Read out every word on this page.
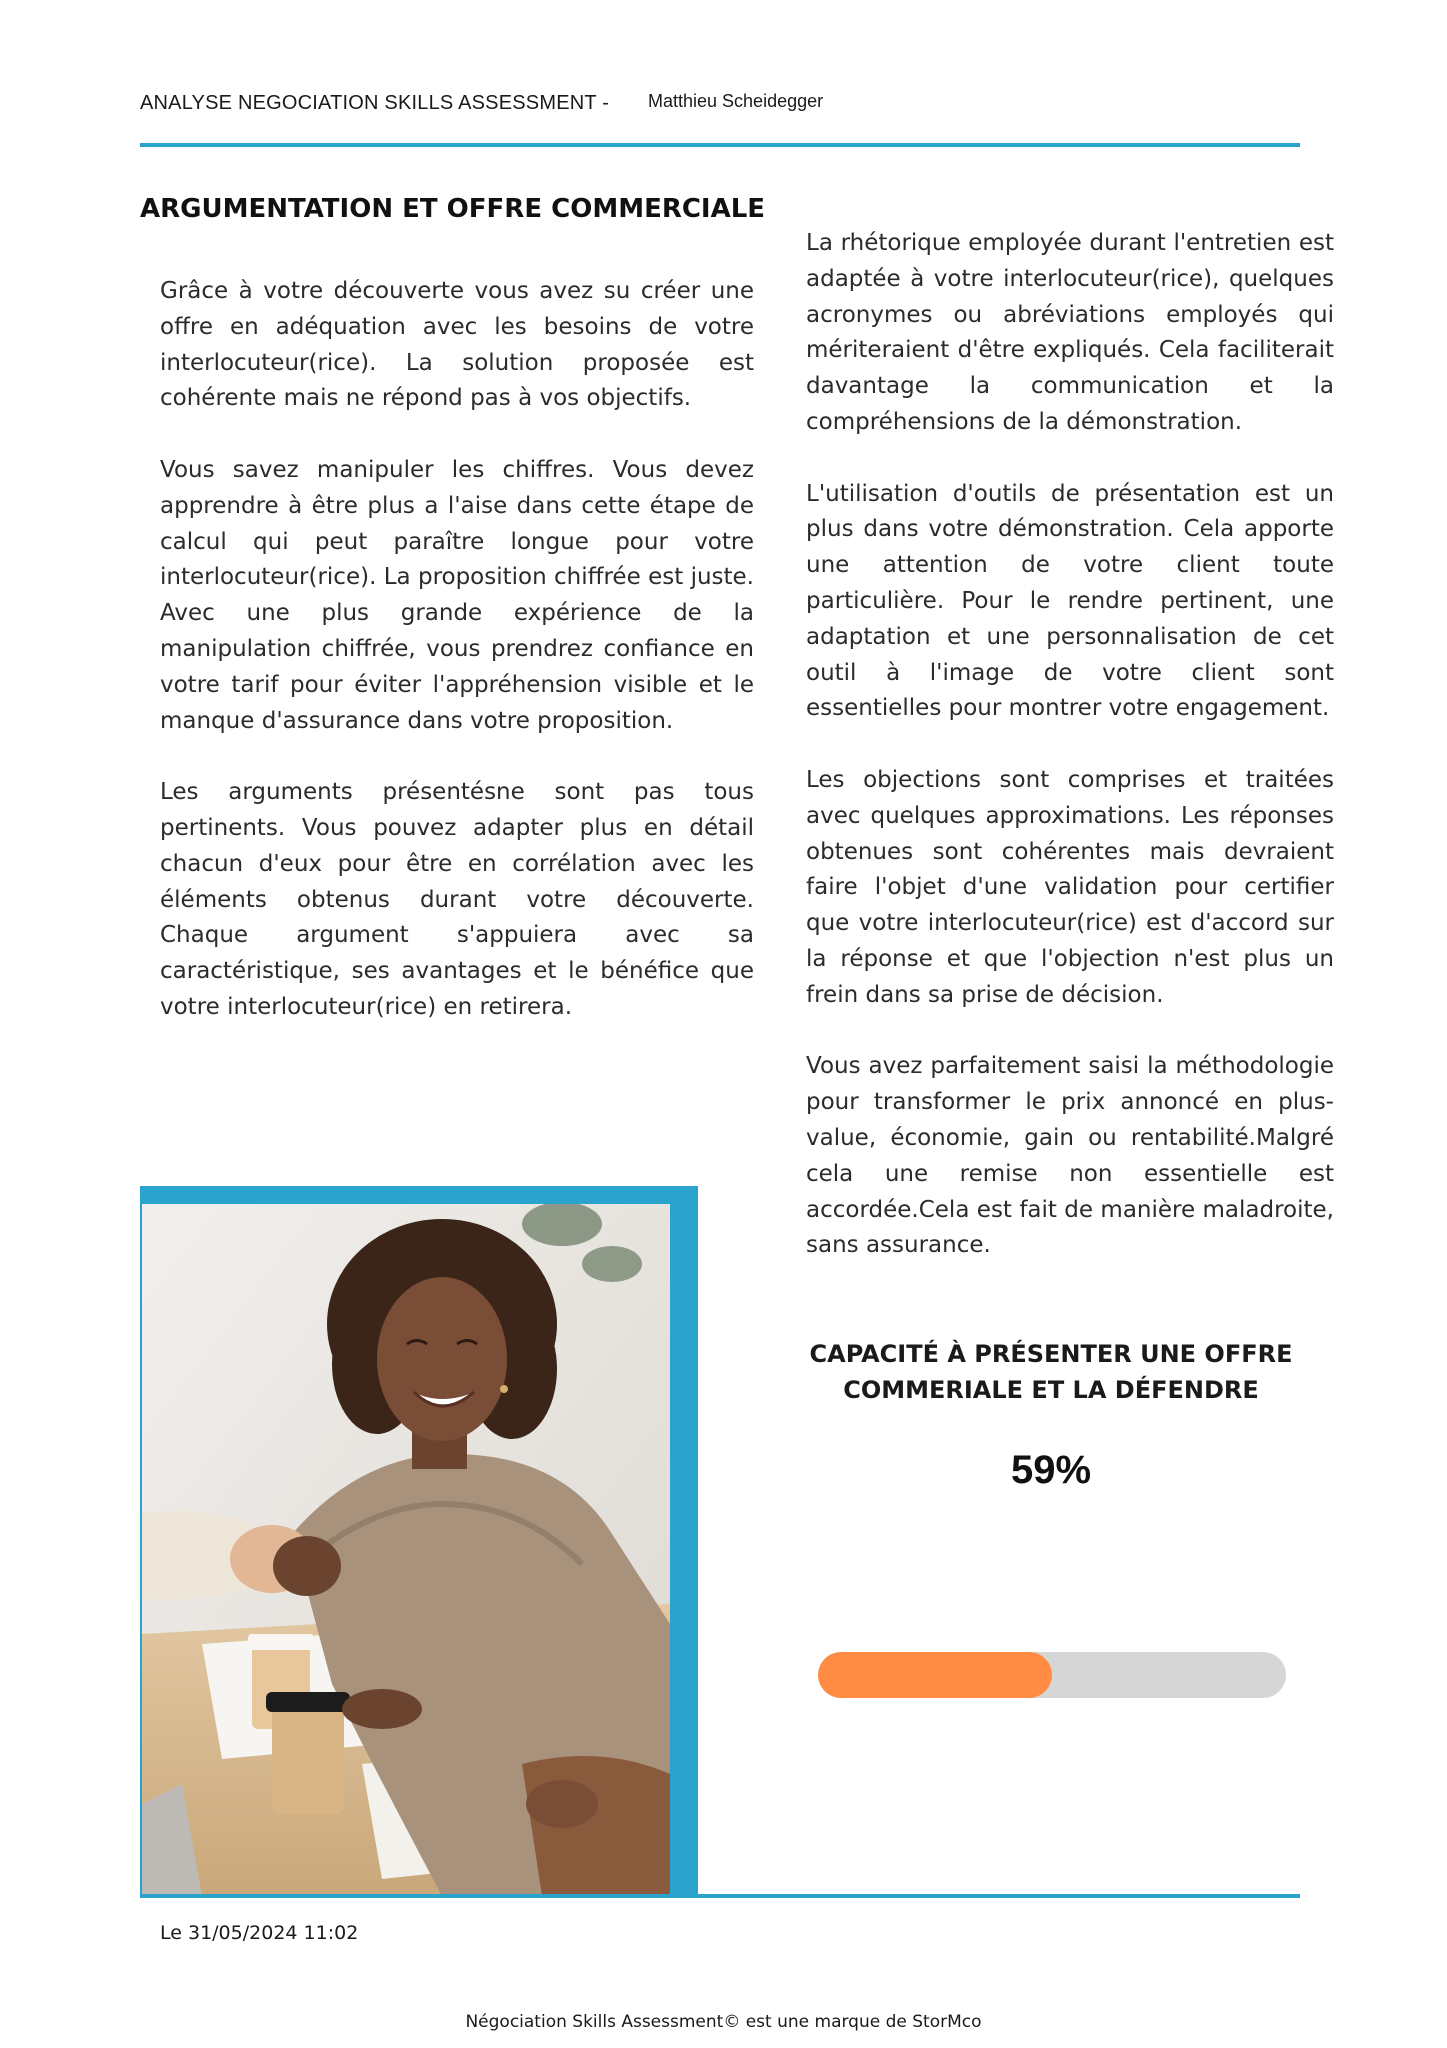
ANALYSE NEGOCIATION SKILLS ASSESSMENT - Matthieu Scheidegger
ARGUMENTATION ET OFFRE COMMERCIALE

Grâce à votre découverte vous avez su créer une offre en adéquation avec les besoins de votre interlocuteur(rice). La solution proposée est cohérente mais ne répond pas à vos objectifs.

Vous savez manipuler les chiffres. Vous devez apprendre à être plus a l'aise dans cette étape de calcul qui peut paraître longue pour votre interlocuteur(rice). La proposition chiffrée est juste. Avec une plus grande expérience de la manipulation chiffrée, vous prendrez confiance en votre tarif pour éviter l'appréhension visible et le manque d'assurance dans votre proposition.

Les arguments présentésne sont pas tous pertinents. Vous pouvez adapter plus en détail chacun d'eux pour être en corrélation avec les éléments obtenus durant votre découverte. Chaque argument s'appuiera avec sa caractéristique, ses avantages et le bénéfice que votre interlocuteur(rice) en retirera.

La rhétorique employée durant l'entretien est adaptée à votre interlocuteur(rice), quelques acronymes ou abréviations employés qui mériteraient d'être expliqués. Cela faciliterait davantage la communication et la compréhensions de la démonstration.

L'utilisation d'outils de présentation est un plus dans votre démonstration. Cela apporte une attention de votre client toute particulière. Pour le rendre pertinent, une adaptation et une personnalisation de cet outil à l'image de votre client sont essentielles pour montrer votre engagement.

Les objections sont comprises et traitées avec quelques approximations. Les réponses obtenues sont cohérentes mais devraient faire l'objet d'une validation pour certifier que votre interlocuteur(rice) est d'accord sur la réponse et que l'objection n'est plus un frein dans sa prise de décision.

Vous avez parfaitement saisi la méthodologie pour transformer le prix annoncé en plus-value, économie, gain ou rentabilité.Malgré cela une remise non essentielle est accordée.Cela est fait de manière maladroite, sans assurance.

CAPACITÉ À PRÉSENTER UNE OFFRE
COMMERIALE ET LA DÉFENDRE
59%
Le 31/05/2024 11:02
Négociation Skills Assessment© est une marque de StorMco
